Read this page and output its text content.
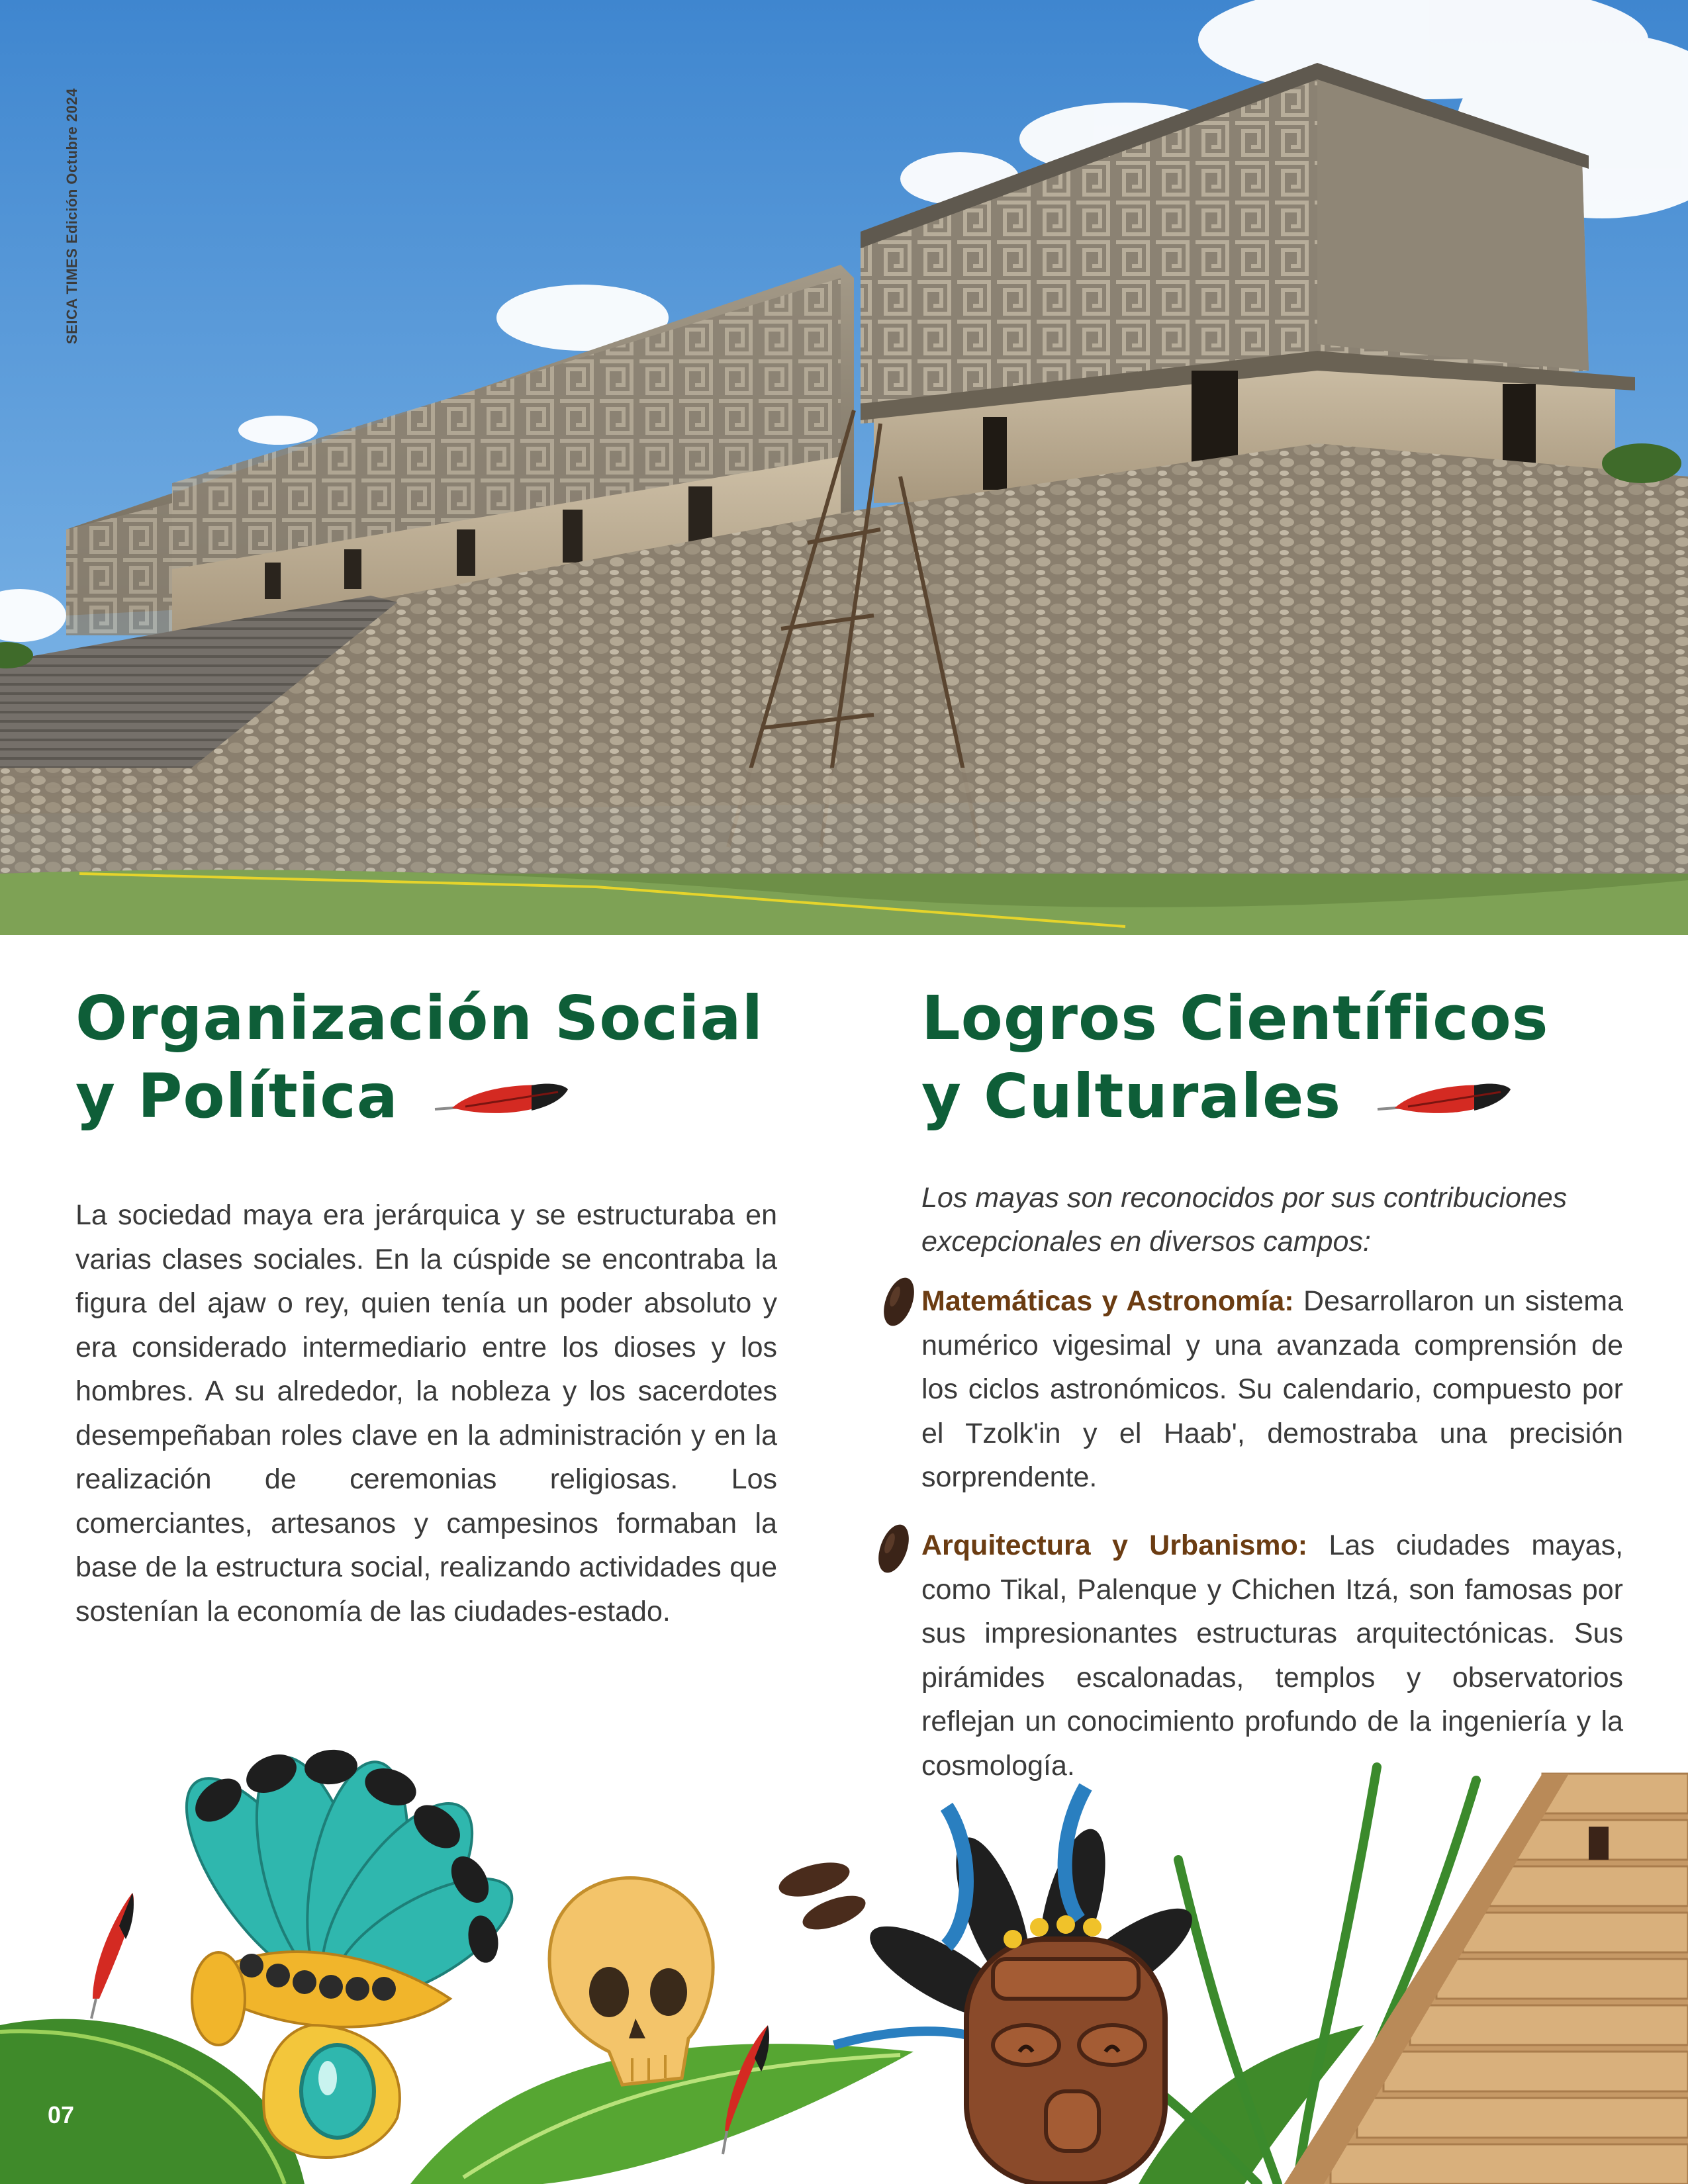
SEICA TIMES Edición Octubre 2024
Organización Social
y Política
Logros Científicos
y Culturales

La sociedad maya era jerárquica y se estructuraba en varias clases sociales. En la cúspide se encontraba la figura del ajaw o rey, quien tenía un poder absoluto y era considerado intermediario entre los dioses y los hombres. A su alrededor, la nobleza y los sacerdotes desempeñaban roles clave en la administración y en la realización de ceremonias religiosas. Los comerciantes, artesanos y campesinos formaban la base de la estructura social, realizando actividades que sostenían la economía de las ciudades-estado.

Los mayas son reconocidos por sus contribuciones excepcionales en diversos campos:

Matemáticas y Astronomía: Desarrollaron un sistema numérico vigesimal y una avanzada comprensión de los ciclos astronómicos. Su calendario, compuesto por el Tzolk'in y el Haab', demostraba una precisión sorprendente.

Arquitectura y Urbanismo: Las ciudades mayas, como Tikal, Palenque y Chichen Itzá, son famosas por sus impresionantes estructuras arquitectónicas. Sus pirámides escalonadas, templos y observatorios reflejan un conocimiento profundo de la ingeniería y la cosmología.

07
